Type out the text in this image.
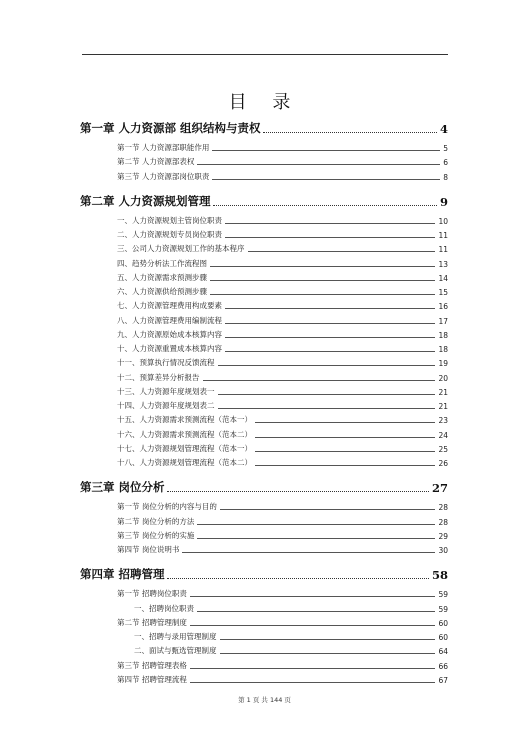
目 录
第一章 人力资源部 组织结构与责权	4
第一节 人力资源部职能作用	5
第二节 人力资源部表权	6
第三节 人力资源部岗位职责	8
第二章 人力资源规划管理	9
一、人力资源规划主管岗位职责	10
二、人力资源规划专员岗位职责	11
三、公司人力资源规划工作的基本程序	11
四、趋势分析法工作流程图	13
五、人力资源需求预测步骤	14
六、人力资源供给预测步骤	15
七、人力资源管理费用构成要素	16
八、人力资源管理费用编制流程	17
九、人力资源原始成本核算内容	18
十、人力资源重置成本核算内容	18
十一、预算执行情况反馈流程	19
十二、预算差异分析报告	20
十三、人力资源年度规划表一	21
十四、人力资源年度规划表二	21
十五、人力资源需求预测流程（范本一）	23
十六、人力资源需求预测流程（范本二）	24
十七、人力资源规划管理流程（范本一）	25
十八、人力资源规划管理流程（范本二）	26
第三章 岗位分析	27
第一节 岗位分析的内容与目的	28
第二节 岗位分析的方法	28
第三节 岗位分析的实施	29
第四节 岗位说明书	30
第四章 招聘管理	58
第一节 招聘岗位职责	59
一、招聘岗位职责	59
第二节 招聘管理制度	60
一、招聘与录用管理制度	60
二、面试与甄选管理制度	64
第三节 招聘管理表格	66
第四节 招聘管理流程	67
第 1 页 共 144 页
